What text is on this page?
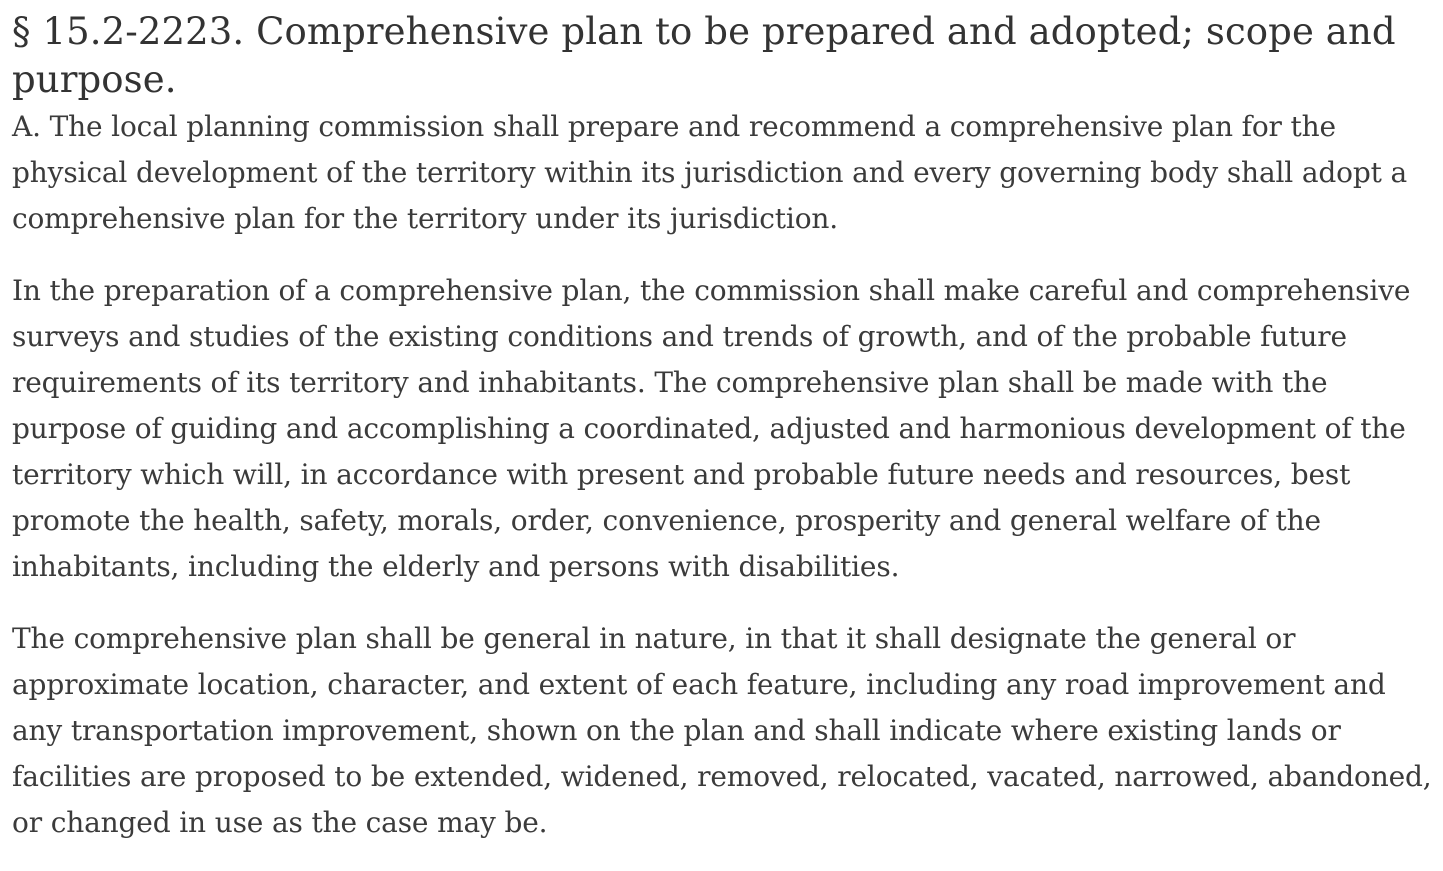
§ 15.2-2223. Comprehensive plan to be prepared and adopted; scope and purpose.

A. The local planning commission shall prepare and recommend a comprehensive plan for the physical development of the territory within its jurisdiction and every governing body shall adopt a comprehensive plan for the territory under its jurisdiction.

In the preparation of a comprehensive plan, the commission shall make careful and comprehensive surveys and studies of the existing conditions and trends of growth, and of the probable future requirements of its territory and inhabitants. The comprehensive plan shall be made with the purpose of guiding and accomplishing a coordinated, adjusted and harmonious development of the territory which will, in accordance with present and probable future needs and resources, best promote the health, safety, morals, order, convenience, prosperity and general welfare of the inhabitants, including the elderly and persons with disabilities.

The comprehensive plan shall be general in nature, in that it shall designate the general or approximate location, character, and extent of each feature, including any road improvement and any transportation improvement, shown on the plan and shall indicate where existing lands or facilities are proposed to be extended, widened, removed, relocated, vacated, narrowed, abandoned, or changed in use as the case may be.
